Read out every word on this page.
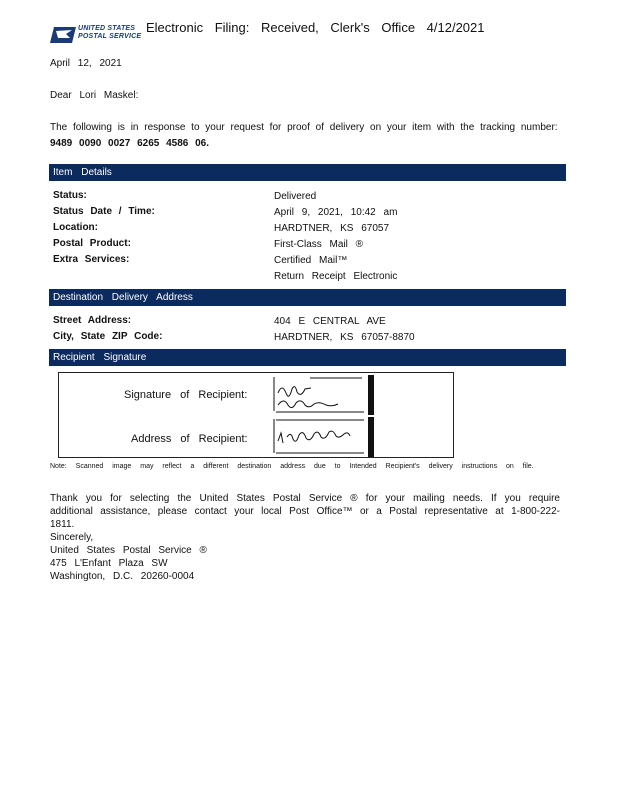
UNITED STATES
POSTAL SERVICE
Electronic Filing: Received, Clerk's Office 4/12/2021
April 12, 2021
Dear Lori Maskel:
The following is in response to your request for proof of delivery on your item with the tracking number:
9489 0090 0027 6265 4586 06.
Item Details
Status:	Delivered
Status Date / Time:	April 9, 2021, 10:42 am
Location:	HARDTNER, KS 67057
Postal Product:	First-Class Mail ®
Extra Services:	Certified Mail™
Return Receipt Electronic
Destination Delivery Address
Street Address:	404 E CENTRAL AVE
City, State ZIP Code:	HARDTNER, KS 67057-8870
Recipient Signature
Signature of Recipient:
Address of Recipient:
Note: Scanned image may reflect a different destination address due to Intended Recipient's delivery instructions on file.
Thank you for selecting the United States Postal Service ® for your mailing needs. If you require additional assistance, please contact your local Post Office™ or a Postal representative at 1-800-222-1811.
Sincerely,
United States Postal Service ®
475 L'Enfant Plaza SW
Washington, D.C. 20260-0004
